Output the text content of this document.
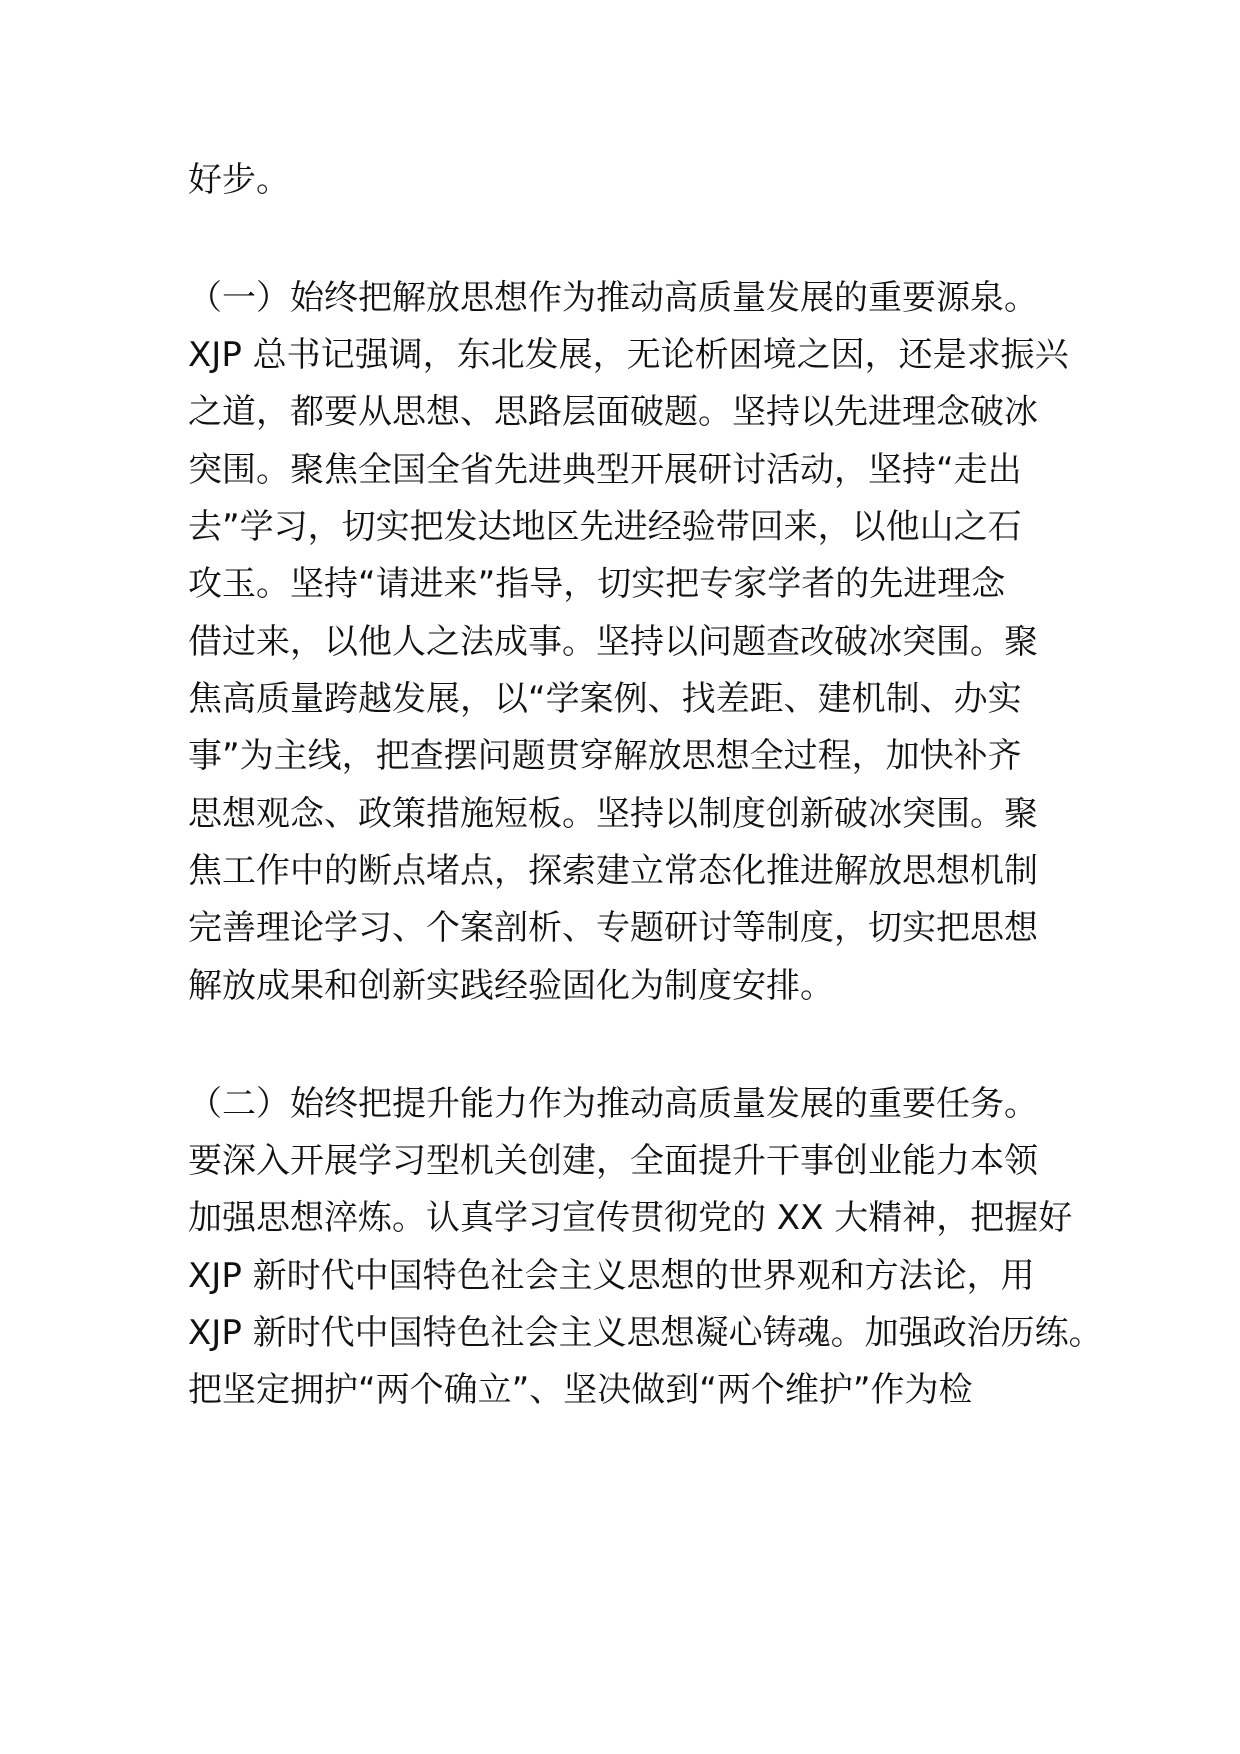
好步。
（一）始终把解放思想作为推动高质量发展的重要源泉。
XJP 总书记强调，东北发展，无论析困境之因，还是求振兴
之道，都要从思想、思路层面破题。坚持以先进理念破冰
突围。聚焦全国全省先进典型开展研讨活动，坚持“走出
去”学习，切实把发达地区先进经验带回来，以他山之石
攻玉。坚持“请进来”指导，切实把专家学者的先进理念
借过来，以他人之法成事。坚持以问题查改破冰突围。聚
焦高质量跨越发展，以“学案例、找差距、建机制、办实
事”为主线，把查摆问题贯穿解放思想全过程，加快补齐
思想观念、政策措施短板。坚持以制度创新破冰突围。聚
焦工作中的断点堵点，探索建立常态化推进解放思想机制
完善理论学习、个案剖析、专题研讨等制度，切实把思想
解放成果和创新实践经验固化为制度安排。
（二）始终把提升能力作为推动高质量发展的重要任务。
要深入开展学习型机关创建，全面提升干事创业能力本领
加强思想淬炼。认真学习宣传贯彻党的 XX 大精神，把握好
XJP 新时代中国特色社会主义思想的世界观和方法论，用
XJP 新时代中国特色社会主义思想凝心铸魂。加强政治历练。
把坚定拥护“两个确立”、坚决做到“两个维护”作为检
